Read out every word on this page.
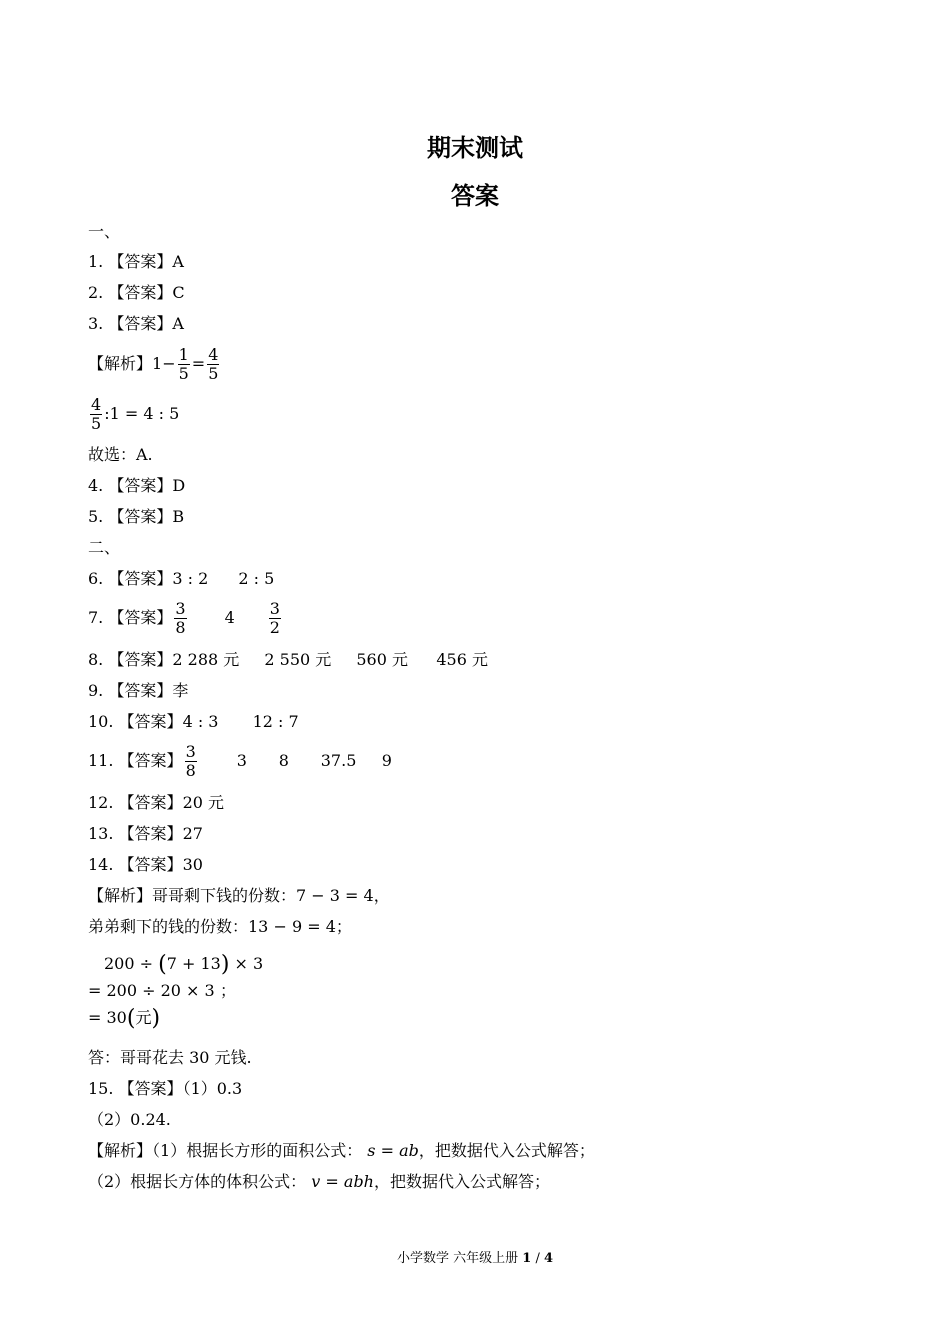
期末测试
答案
一、
1. 【答案】A
2. 【答案】C
3. 【答案】A
【解析】$1- \frac{1}{5} = \frac{4}{5}$
$\frac{4}{5}$ :1 = 4 : 5
故选：A.
4. 【答案】D
5. 【答案】B
二、
6. 【答案】3 : 2 2 : 5
7. 【答案】 $\frac{3}{8} 4 \frac{3}{2}$
8. 【答案】2 288 元 2 550 元 560 元 456 元
9. 【答案】李
10. 【答案】4 : 3 12 : 7
11. 【答案】 $\frac{3}{8}$	3 8 37.5 9
12. 【答案】20 元
13. 【答案】27
14. 【答案】30
【解析】哥哥剩下钱的份数：7 − 3 = 4，
弟弟剩下的钱的份数：13 − 9 = 4；
200 ÷ (7 + 13) × 3
= 200 ÷ 20 × 3 ；
= 30(元)
答：哥哥花去 30 元钱.
15. 【答案】（1）0.3
（2）0.24.
【解析】（1）根据长方形的面积公式： s = ab，把数据代入公式解答；
（2）根据长方体的体积公式： v = abh，把数据代入公式解答；
小学数学 六年级上册 1 / 4
